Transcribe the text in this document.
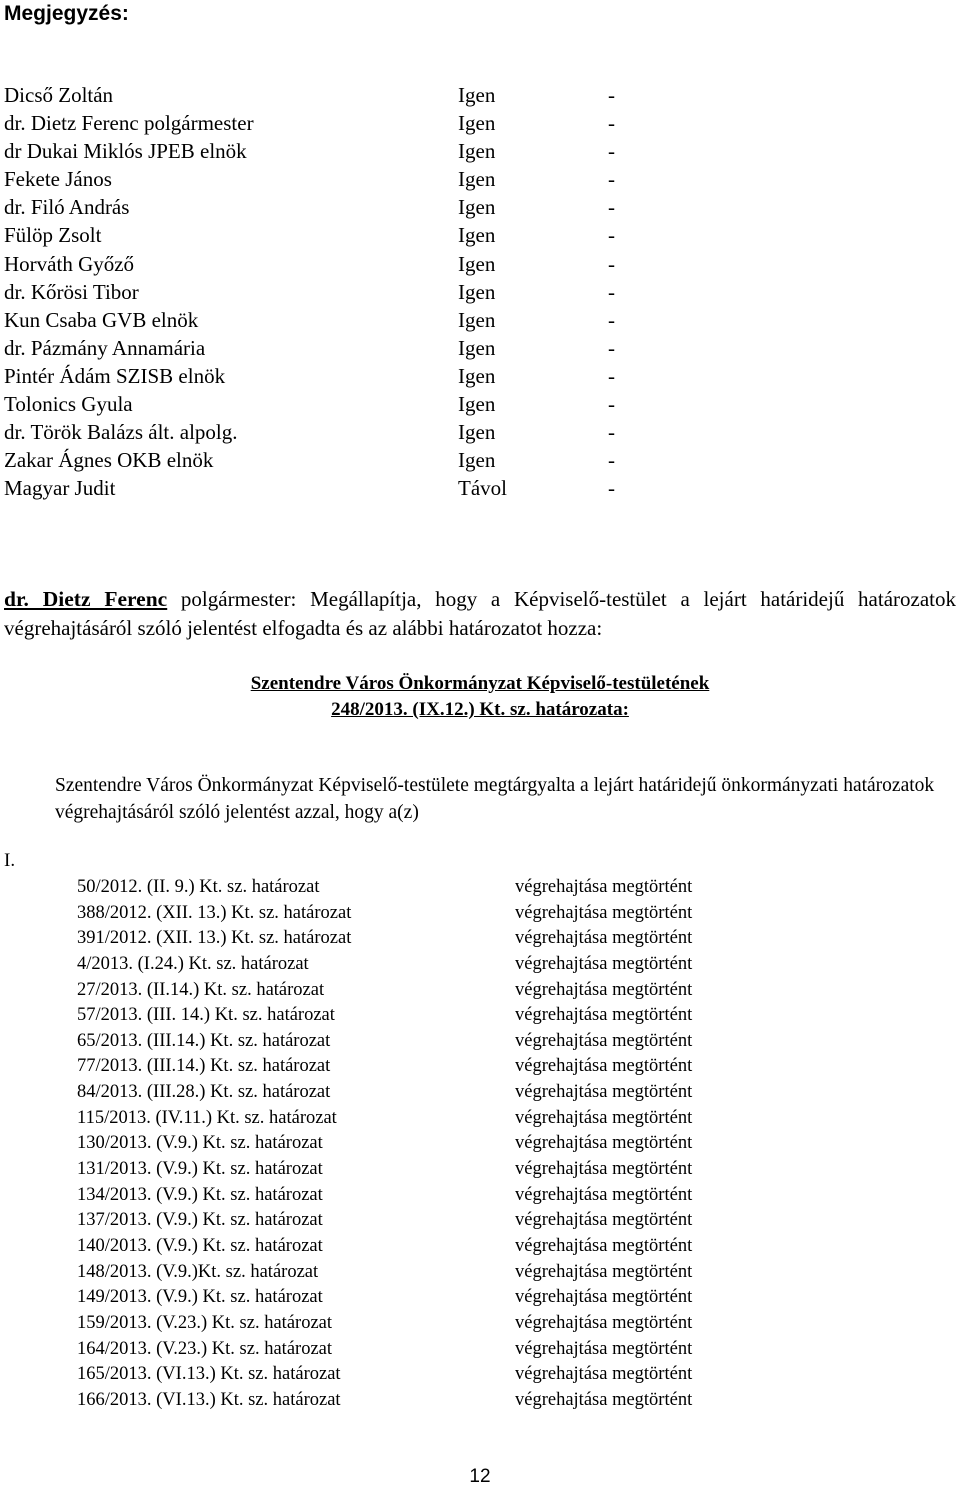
Megjegyzés:
Dicső Zoltán	Igen	-
dr. Dietz Ferenc polgármester	Igen	-
dr Dukai Miklós JPEB elnök	Igen	-
Fekete János	Igen	-
dr. Filó András	Igen	-
Fülöp Zsolt	Igen	-
Horváth Győző	Igen	-
dr. Kőrösi Tibor	Igen	-
Kun Csaba GVB elnök	Igen	-
dr. Pázmány Annamária	Igen	-
Pintér Ádám SZISB elnök	Igen	-
Tolonics Gyula	Igen	-
dr. Török Balázs ált. alpolg.	Igen	-
Zakar Ágnes OKB elnök	Igen	-
Magyar Judit	Távol	-

dr. Dietz Ferenc polgármester: Megállapítja, hogy a Képviselő-testület a lejárt határidejű határozatok végrehajtásáról szóló jelentést elfogadta és az alábbi határozatot hozza:

Szentendre Város Önkormányzat Képviselő-testületének
248/2013. (IX.12.) Kt. sz. határozata:

Szentendre Város Önkormányzat Képviselő-testülete megtárgyalta a lejárt határidejű önkormányzati határozatok végrehajtásáról szóló jelentést azzal, hogy a(z)

I.
50/2012. (II. 9.) Kt. sz. határozat	végrehajtása megtörtént
388/2012. (XII. 13.) Kt. sz. határozat	végrehajtása megtörtént
391/2012. (XII. 13.) Kt. sz. határozat	végrehajtása megtörtént
4/2013. (I.24.) Kt. sz. határozat	végrehajtása megtörtént
27/2013. (II.14.) Kt. sz. határozat	végrehajtása megtörtént
57/2013. (III. 14.) Kt. sz. határozat	végrehajtása megtörtént
65/2013. (III.14.) Kt. sz. határozat	végrehajtása megtörtént
77/2013. (III.14.) Kt. sz. határozat	végrehajtása megtörtént
84/2013. (III.28.) Kt. sz. határozat	végrehajtása megtörtént
115/2013. (IV.11.) Kt. sz. határozat	végrehajtása megtörtént
130/2013. (V.9.) Kt. sz. határozat	végrehajtása megtörtént
131/2013. (V.9.) Kt. sz. határozat	végrehajtása megtörtént
134/2013. (V.9.) Kt. sz. határozat	végrehajtása megtörtént
137/2013. (V.9.) Kt. sz. határozat	végrehajtása megtörtént
140/2013. (V.9.) Kt. sz. határozat	végrehajtása megtörtént
148/2013. (V.9.)Kt. sz. határozat	végrehajtása megtörtént
149/2013. (V.9.) Kt. sz. határozat	végrehajtása megtörtént
159/2013. (V.23.) Kt. sz. határozat	végrehajtása megtörtént
164/2013. (V.23.) Kt. sz. határozat	végrehajtása megtörtént
165/2013. (VI.13.) Kt. sz. határozat	végrehajtása megtörtént
166/2013. (VI.13.) Kt. sz. határozat	végrehajtása megtörtént
12
